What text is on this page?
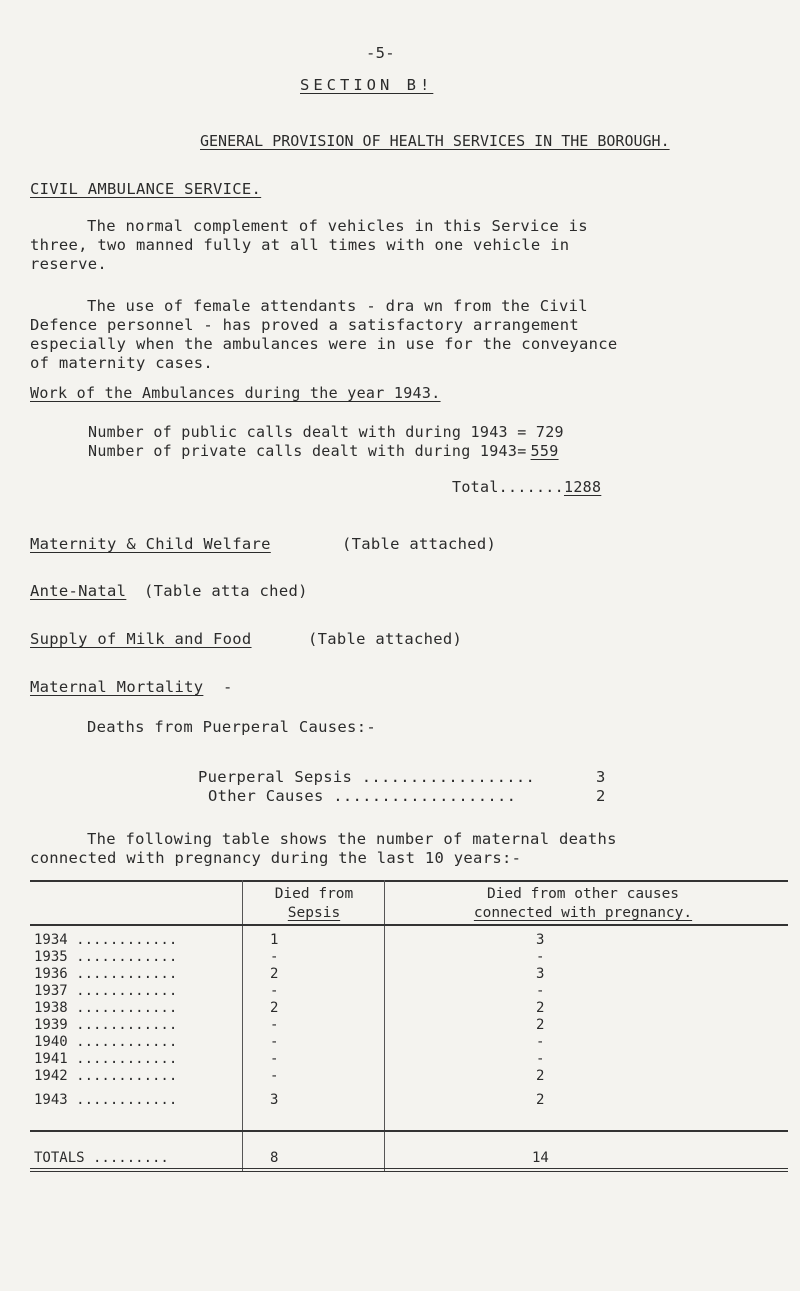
-5-
SECTION B!
GENERAL PROVISION OF HEALTH SERVICES IN THE BOROUGH.
CIVIL AMBULANCE SERVICE.
The normal complement of vehicles in this Service is
three, two manned fully at all times with one vehicle in
reserve.
The use of female attendants - dra wn from the Civil
Defence personnel - has proved a satisfactory arrangement
especially when the ambulances were in use for the conveyance
of maternity cases.
Work of the Ambulances during the year 1943.
Number of public calls dealt with during 1943 = 729
Number of private calls dealt with during 1943= 559
Total.......1288
Maternity & Child Welfare	(Table attached)
Ante-Natal (Table atta ched)
Supply of Milk and Food	(Table attached)
Maternal Mortality -
Deaths from Puerperal Causes:-
Puerperal Sepsis ..................	3
Other Causes ...................	2
The following table shows the number of maternal deaths
connected with pregnancy during the last 10 years:-
Died from
Sepsis
Died from other causes
connected with pregnancy.
1934 ............	1	3
1935 ............	-	-
1936 ............	2	3
1937 ............	-	-
1938 ............	2	2
1939 ............	-	2
1940 ............	-	-
1941 ............	-	-
1942 ............	-	2
1943 ............	3	2
TOTALS .........	8	14
